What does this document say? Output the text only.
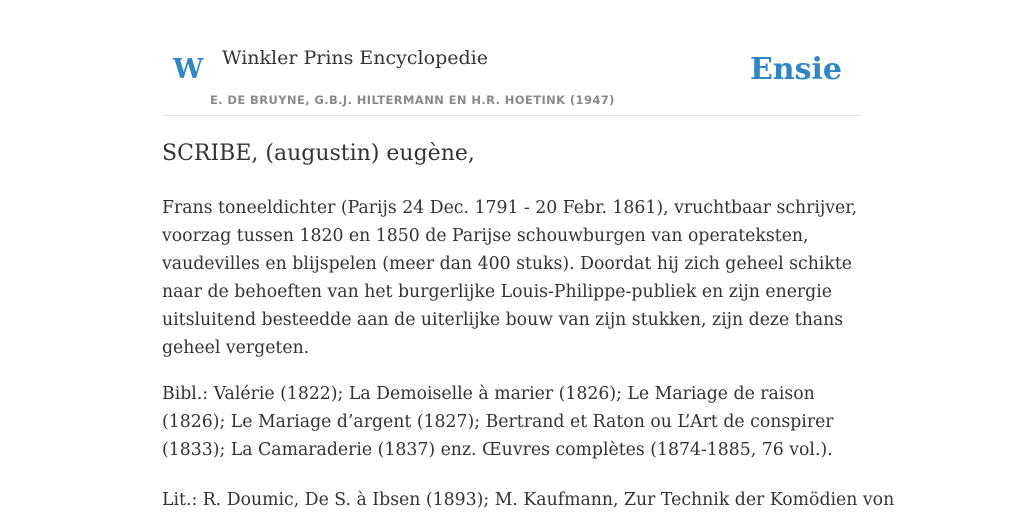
W Winkler Prins Encyclopedie
E. DE BRUYNE, G.B.J. HILTERMANN EN H.R. HOETINK (1947)
Ensie
SCRIBE, (augustin) eugène,

Frans toneeldichter (Parijs 24 Dec. 1791 - 20 Febr. 1861), vruchtbaar schrijver, voorzag tussen 1820 en 1850 de Parijse schouwburgen van operateksten, vaudevilles en blijspelen (meer dan 400 stuks). Doordat hij zich geheel schikte naar de behoeften van het burgerlijke Louis-Philippe-publiek en zijn energie uitsluitend besteedde aan de uiterlijke bouw van zijn stukken, zijn deze thans geheel vergeten.

Bibl.: Valérie (1822); La Demoiselle à marier (1826); Le Mariage de raison (1826); Le Mariage d’argent (1827); Bertrand et Raton ou L’Art de conspirer (1833); La Camaraderie (1837) enz. Œuvres complètes (1874-1885, 76 vol.).

Lit.: R. Doumic, De S. à Ibsen (1893); M. Kaufmann, Zur Technik der Komödien von
